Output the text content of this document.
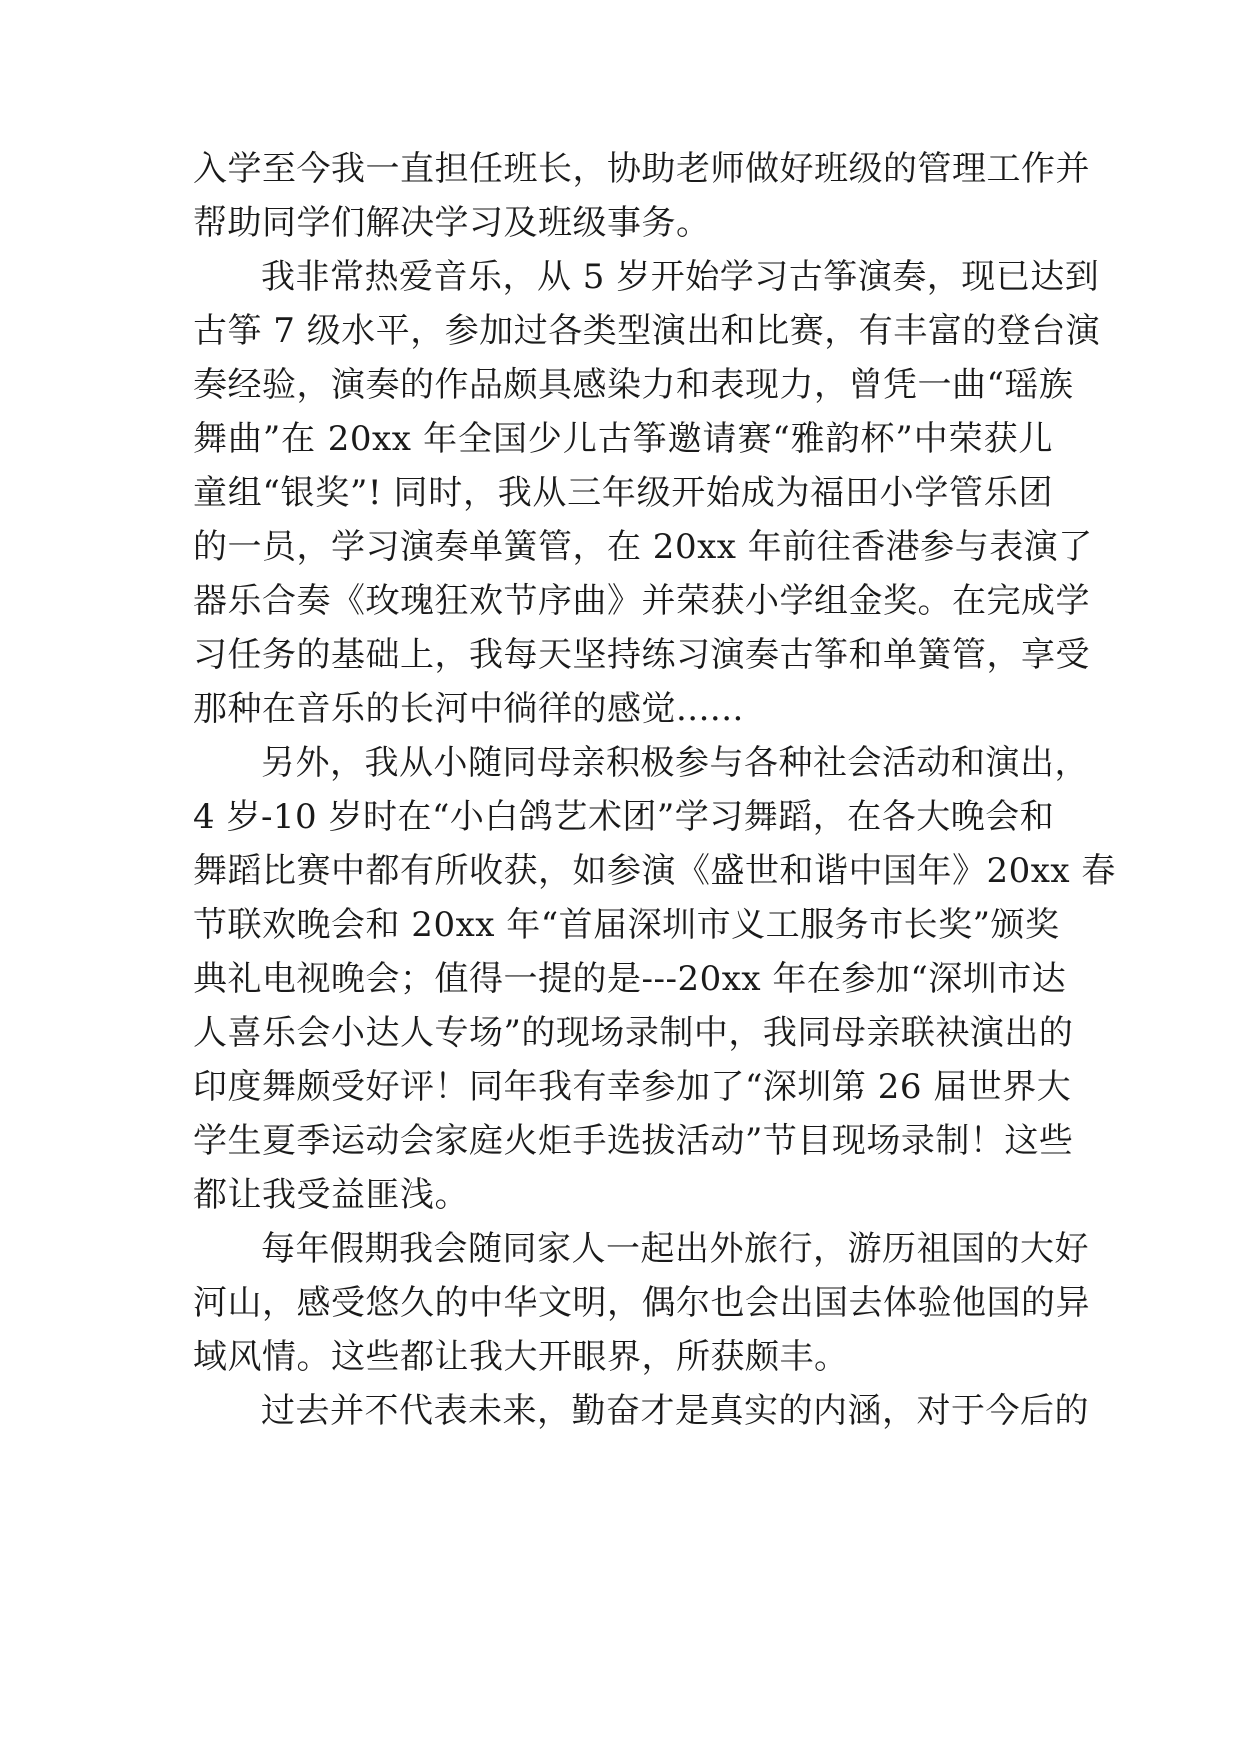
入学至今我一直担任班长，协助老师做好班级的管理工作并
帮助同学们解决学习及班级事务。
我非常热爱音乐，从 5 岁开始学习古筝演奏，现已达到
古筝 7 级水平，参加过各类型演出和比赛，有丰富的登台演
奏经验，演奏的作品颇具感染力和表现力，曾凭一曲“瑶族
舞曲”在 20xx 年全国少儿古筝邀请赛“雅韵杯”中荣获儿
童组“银奖”! 同时，我从三年级开始成为福田小学管乐团
的一员，学习演奏单簧管，在 20xx 年前往香港参与表演了
器乐合奏《玫瑰狂欢节序曲》并荣获小学组金奖。在完成学
习任务的基础上，我每天坚持练习演奏古筝和单簧管，享受
那种在音乐的长河中徜徉的感觉......
另外，我从小随同母亲积极参与各种社会活动和演出，
4 岁-10 岁时在“小白鸽艺术团”学习舞蹈，在各大晚会和
舞蹈比赛中都有所收获，如参演《盛世和谐中国年》20xx 春
节联欢晚会和 20xx 年“首届深圳市义工服务市长奖”颁奖
典礼电视晚会；值得一提的是---20xx 年在参加“深圳市达
人喜乐会小达人专场”的现场录制中，我同母亲联袂演出的
印度舞颇受好评！同年我有幸参加了“深圳第 26 届世界大
学生夏季运动会家庭火炬手选拔活动”节目现场录制！这些
都让我受益匪浅。
每年假期我会随同家人一起出外旅行，游历祖国的大好
河山，感受悠久的中华文明，偶尔也会出国去体验他国的异
域风情。这些都让我大开眼界，所获颇丰。
过去并不代表未来，勤奋才是真实的内涵，对于今后的
